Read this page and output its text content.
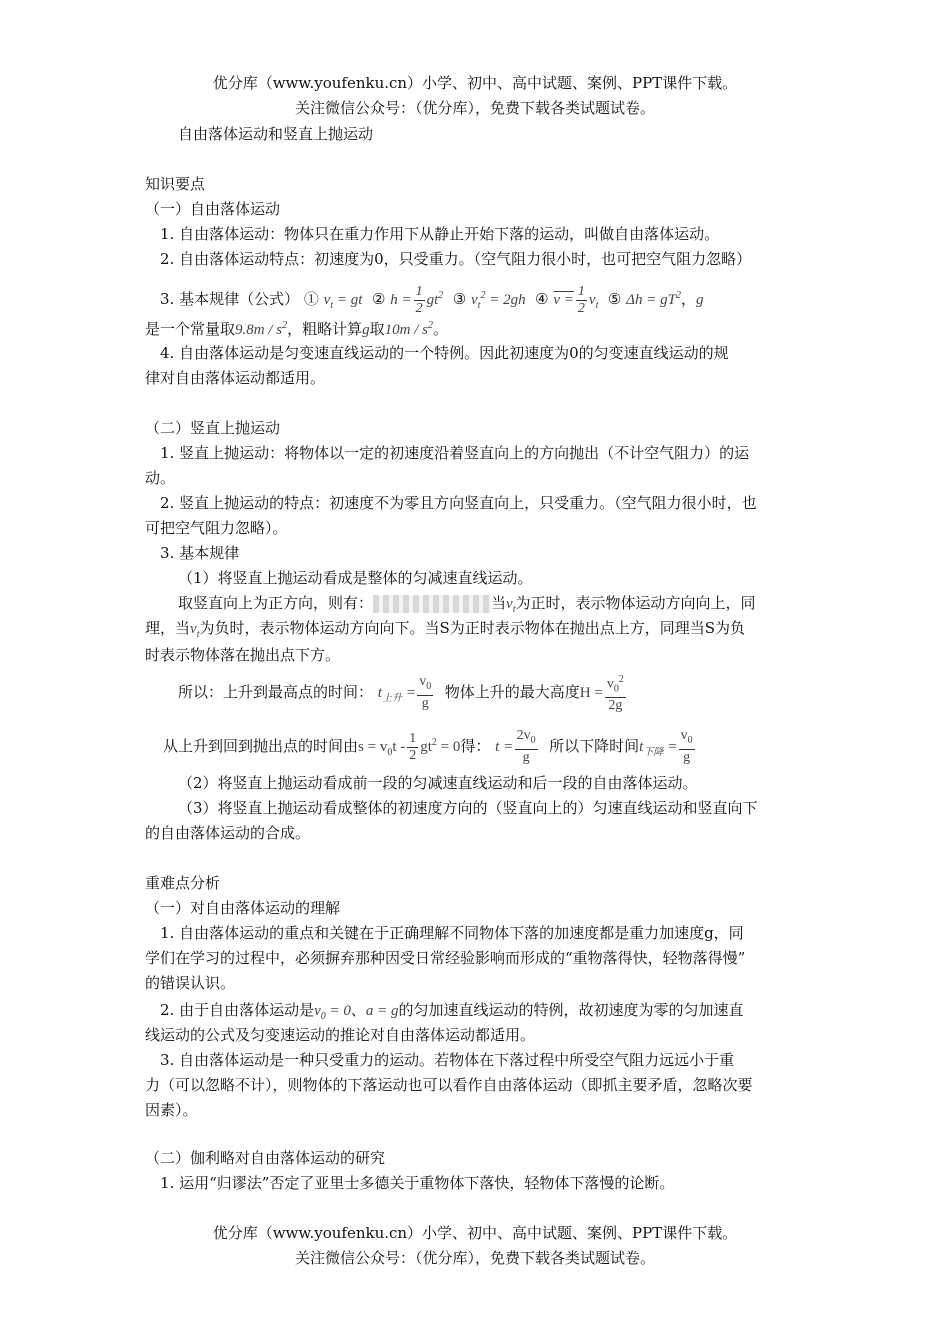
优分库（www.youfenku.cn）小学、初中、高中试题、案例、PPT课件下载。
关注微信公众号：（优分库），免费下载各类试题试卷。
自由落体运动和竖直上抛运动
知识要点
（一）自由落体运动
1. 自由落体运动：物体只在重力作用下从静止开始下落的运动，叫做自由落体运动。
2. 自由落体运动特点：初速度为0，只受重力。（空气阻力很小时，也可把空气阻力忽略）
3. 基本规律（公式） ① $v_t$ = gt ② $h = \frac{1}{2} gt^2$ ③ $v_t^2 = 2gh$ ④ $v = \frac{1}{2} v_t$ ⑤ $\Delta h = gT^2$，g
是一个常量取$9.8m / s^2$，粗略计算g取$10m / s^2$。
4. 自由落体运动是匀变速直线运动的一个特例。因此初速度为0的匀变速直线运动的规
律对自由落体运动都适用。
（二）竖直上抛运动
1. 竖直上抛运动：将物体以一定的初速度沿着竖直向上的方向抛出（不计空气阻力）的运
动。
2. 竖直上抛运动的特点：初速度不为零且方向竖直向上，只受重力。（空气阻力很小时，也
可把空气阻力忽略）。
3. 基本规律
（1）将竖直上抛运动看成是整体的匀减速直线运动。
取竖直向上为正方向，则有：	当$v_t$为正时，表示物体运动方向向上，同
理，当$v_t$为负时，表示物体运动方向向下。当S为正时表示物体在抛出点上方，同理当S为负
时表示物体落在抛出点下方。
所以：上升到最高点的时间： $t_{上升} = \frac{v_0}{g}$ 物体上升的最大高度$H = \frac{v_0^2}{2g}$
从上升到回到抛出点的时间由$s = v_0t - \frac{1}{2} gt^2 = 0$得： $t = \frac{2v_0}{g}$ 所以下降时间$t_{下降} = \frac{v_0}{g}$
（2）将竖直上抛运动看成前一段的匀减速直线运动和后一段的自由落体运动。
（3）将竖直上抛运动看成整体的初速度方向的（竖直向上的）匀速直线运动和竖直向下
的自由落体运动的合成。
重难点分析
（一）对自由落体运动的理解
1. 自由落体运动的重点和关键在于正确理解不同物体下落的加速度都是重力加速度g，同
学们在学习的过程中，必须摒弃那种因受日常经验影响而形成的“重物落得快，轻物落得慢”
的错误认识。
2. 由于自由落体运动是$v_0 = 0$、a = g的匀加速直线运动的特例，故初速度为零的匀加速直
线运动的公式及匀变速运动的推论对自由落体运动都适用。
3. 自由落体运动是一种只受重力的运动。若物体在下落过程中所受空气阻力远远小于重
力（可以忽略不计），则物体的下落运动也可以看作自由落体运动（即抓主要矛盾，忽略次要
因素）。
（二）伽利略对自由落体运动的研究
1. 运用“归谬法”否定了亚里士多德关于重物体下落快，轻物体下落慢的论断。
优分库（www.youfenku.cn）小学、初中、高中试题、案例、PPT课件下载。
关注微信公众号：（优分库），免费下载各类试题试卷。
